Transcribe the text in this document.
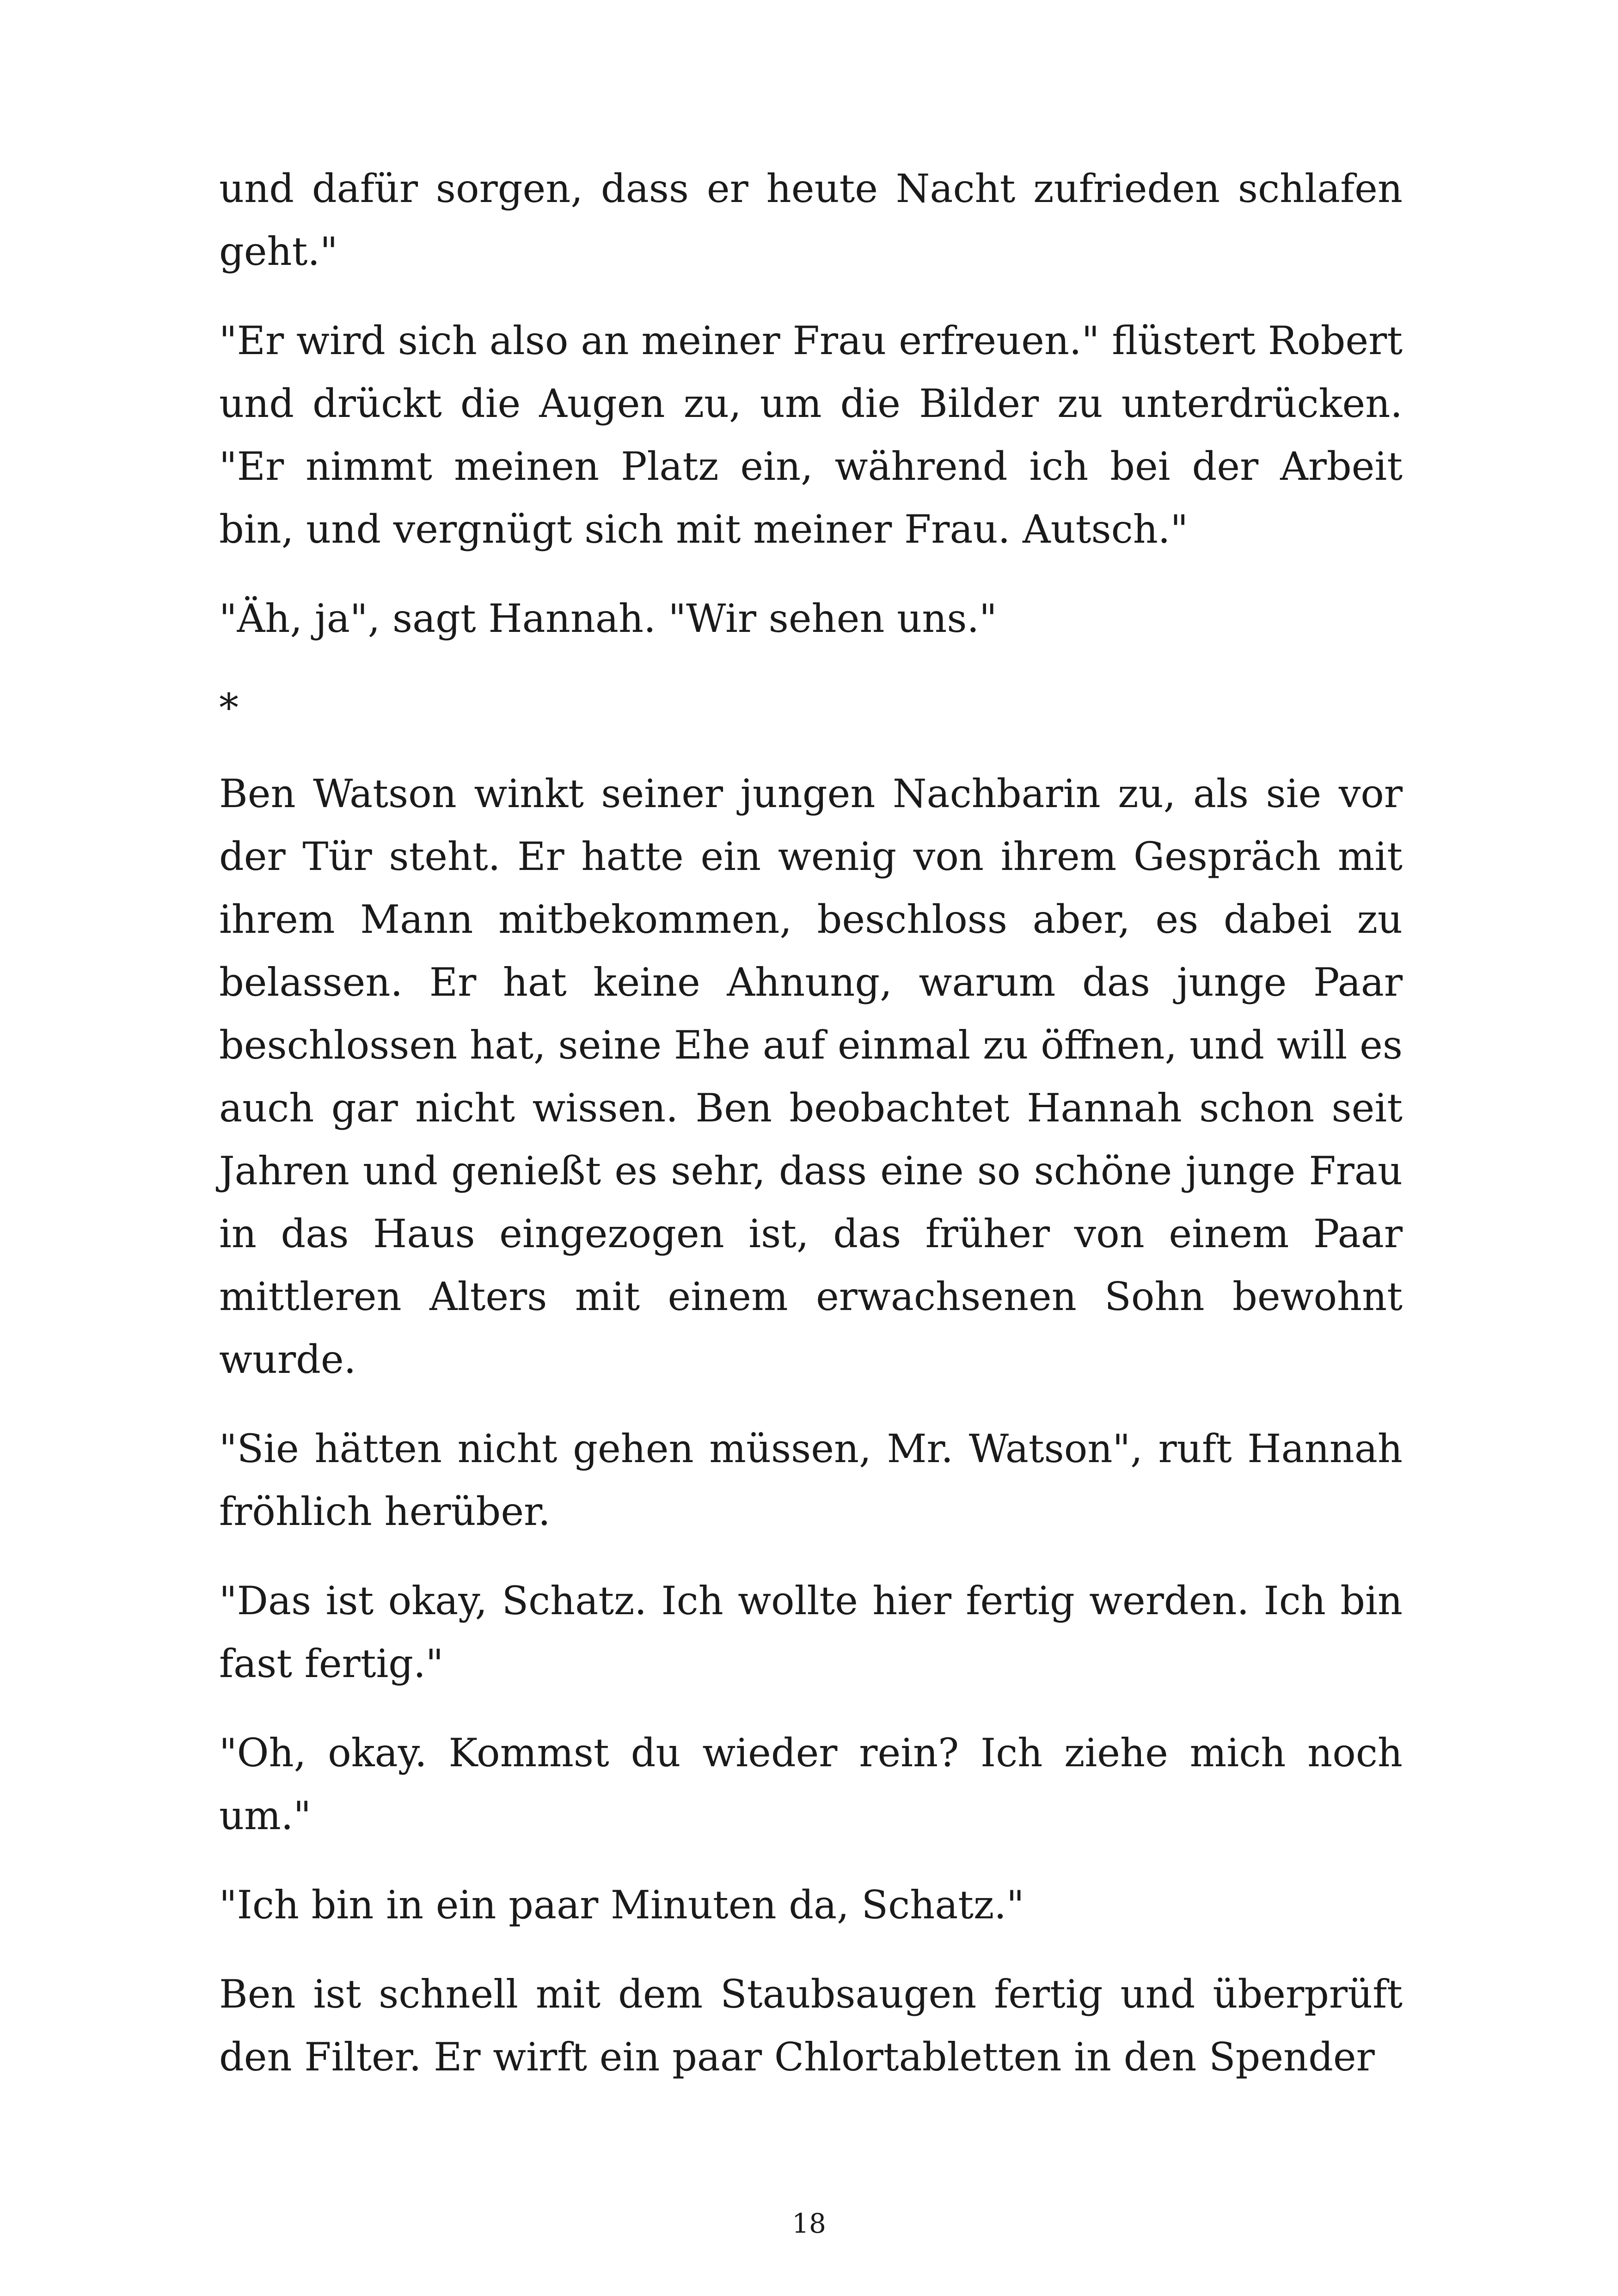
und dafür sorgen, dass er heute Nacht zufrieden schlafen geht."

"Er wird sich also an meiner Frau erfreuen." flüstert Robert und drückt die Augen zu, um die Bilder zu unterdrücken. "Er nimmt meinen Platz ein, während ich bei der Arbeit bin, und vergnügt sich mit meiner Frau. Autsch."

"Äh, ja", sagt Hannah. "Wir sehen uns."

*

Ben Watson winkt seiner jungen Nachbarin zu, als sie vor der Tür steht. Er hatte ein wenig von ihrem Gespräch mit ihrem Mann mitbekommen, beschloss aber, es dabei zu belassen. Er hat keine Ahnung, warum das junge Paar beschlossen hat, seine Ehe auf einmal zu öffnen, und will es auch gar nicht wissen. Ben beobachtet Hannah schon seit Jahren und genießt es sehr, dass eine so schöne junge Frau in das Haus eingezogen ist, das früher von einem Paar mittleren Alters mit einem erwachsenen Sohn bewohnt wurde.

"Sie hätten nicht gehen müssen, Mr. Watson", ruft Hannah fröhlich herüber.

"Das ist okay, Schatz. Ich wollte hier fertig werden. Ich bin fast fertig."

"Oh, okay. Kommst du wieder rein? Ich ziehe mich noch um."

"Ich bin in ein paar Minuten da, Schatz."

Ben ist schnell mit dem Staubsaugen fertig und überprüft den Filter. Er wirft ein paar Chlortabletten in den Spender

18
